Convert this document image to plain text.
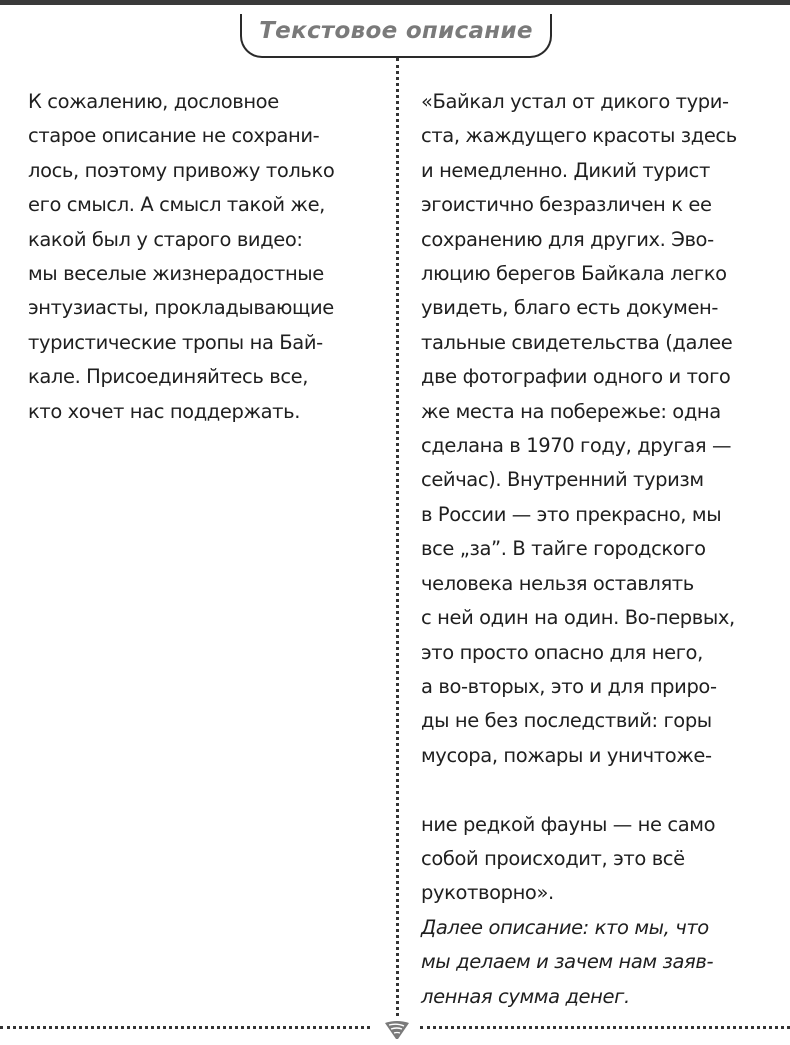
Текстовое описание
К сожалению, дословное
старое описание не сохрани-
лось, поэтому привожу только
его смысл. А смысл такой же,
какой был у старого видео:
мы веселые жизнерадостные
энтузиасты, прокладывающие
туристические тропы на Бай-
кале. Присоединяйтесь все,
кто хочет нас поддержать.
«Байкал устал от дикого тури-
ста, жаждущего красоты здесь
и немедленно. Дикий турист
эгоистично безразличен к ее
сохранению для других. Эво-
люцию берегов Байкала легко
увидеть, благо есть докумен-
тальные свидетельства (далее
две фотографии одного и того
же места на побережье: одна
сделана в 1970 году, другая —
сейчас). Внутренний туризм
в России — это прекрасно, мы
все „за”. В тайге городского
человека нельзя оставлять
с ней один на один. Во-первых,
это просто опасно для него,
а во-вторых, это и для приро-
ды не без последствий: горы
мусора, пожары и уничтоже-
ние редкой фауны — не само
собой происходит, это всё
рукотворно».
Далее описание: кто мы, что
мы делаем и зачем нам заяв-
ленная сумма денег.
